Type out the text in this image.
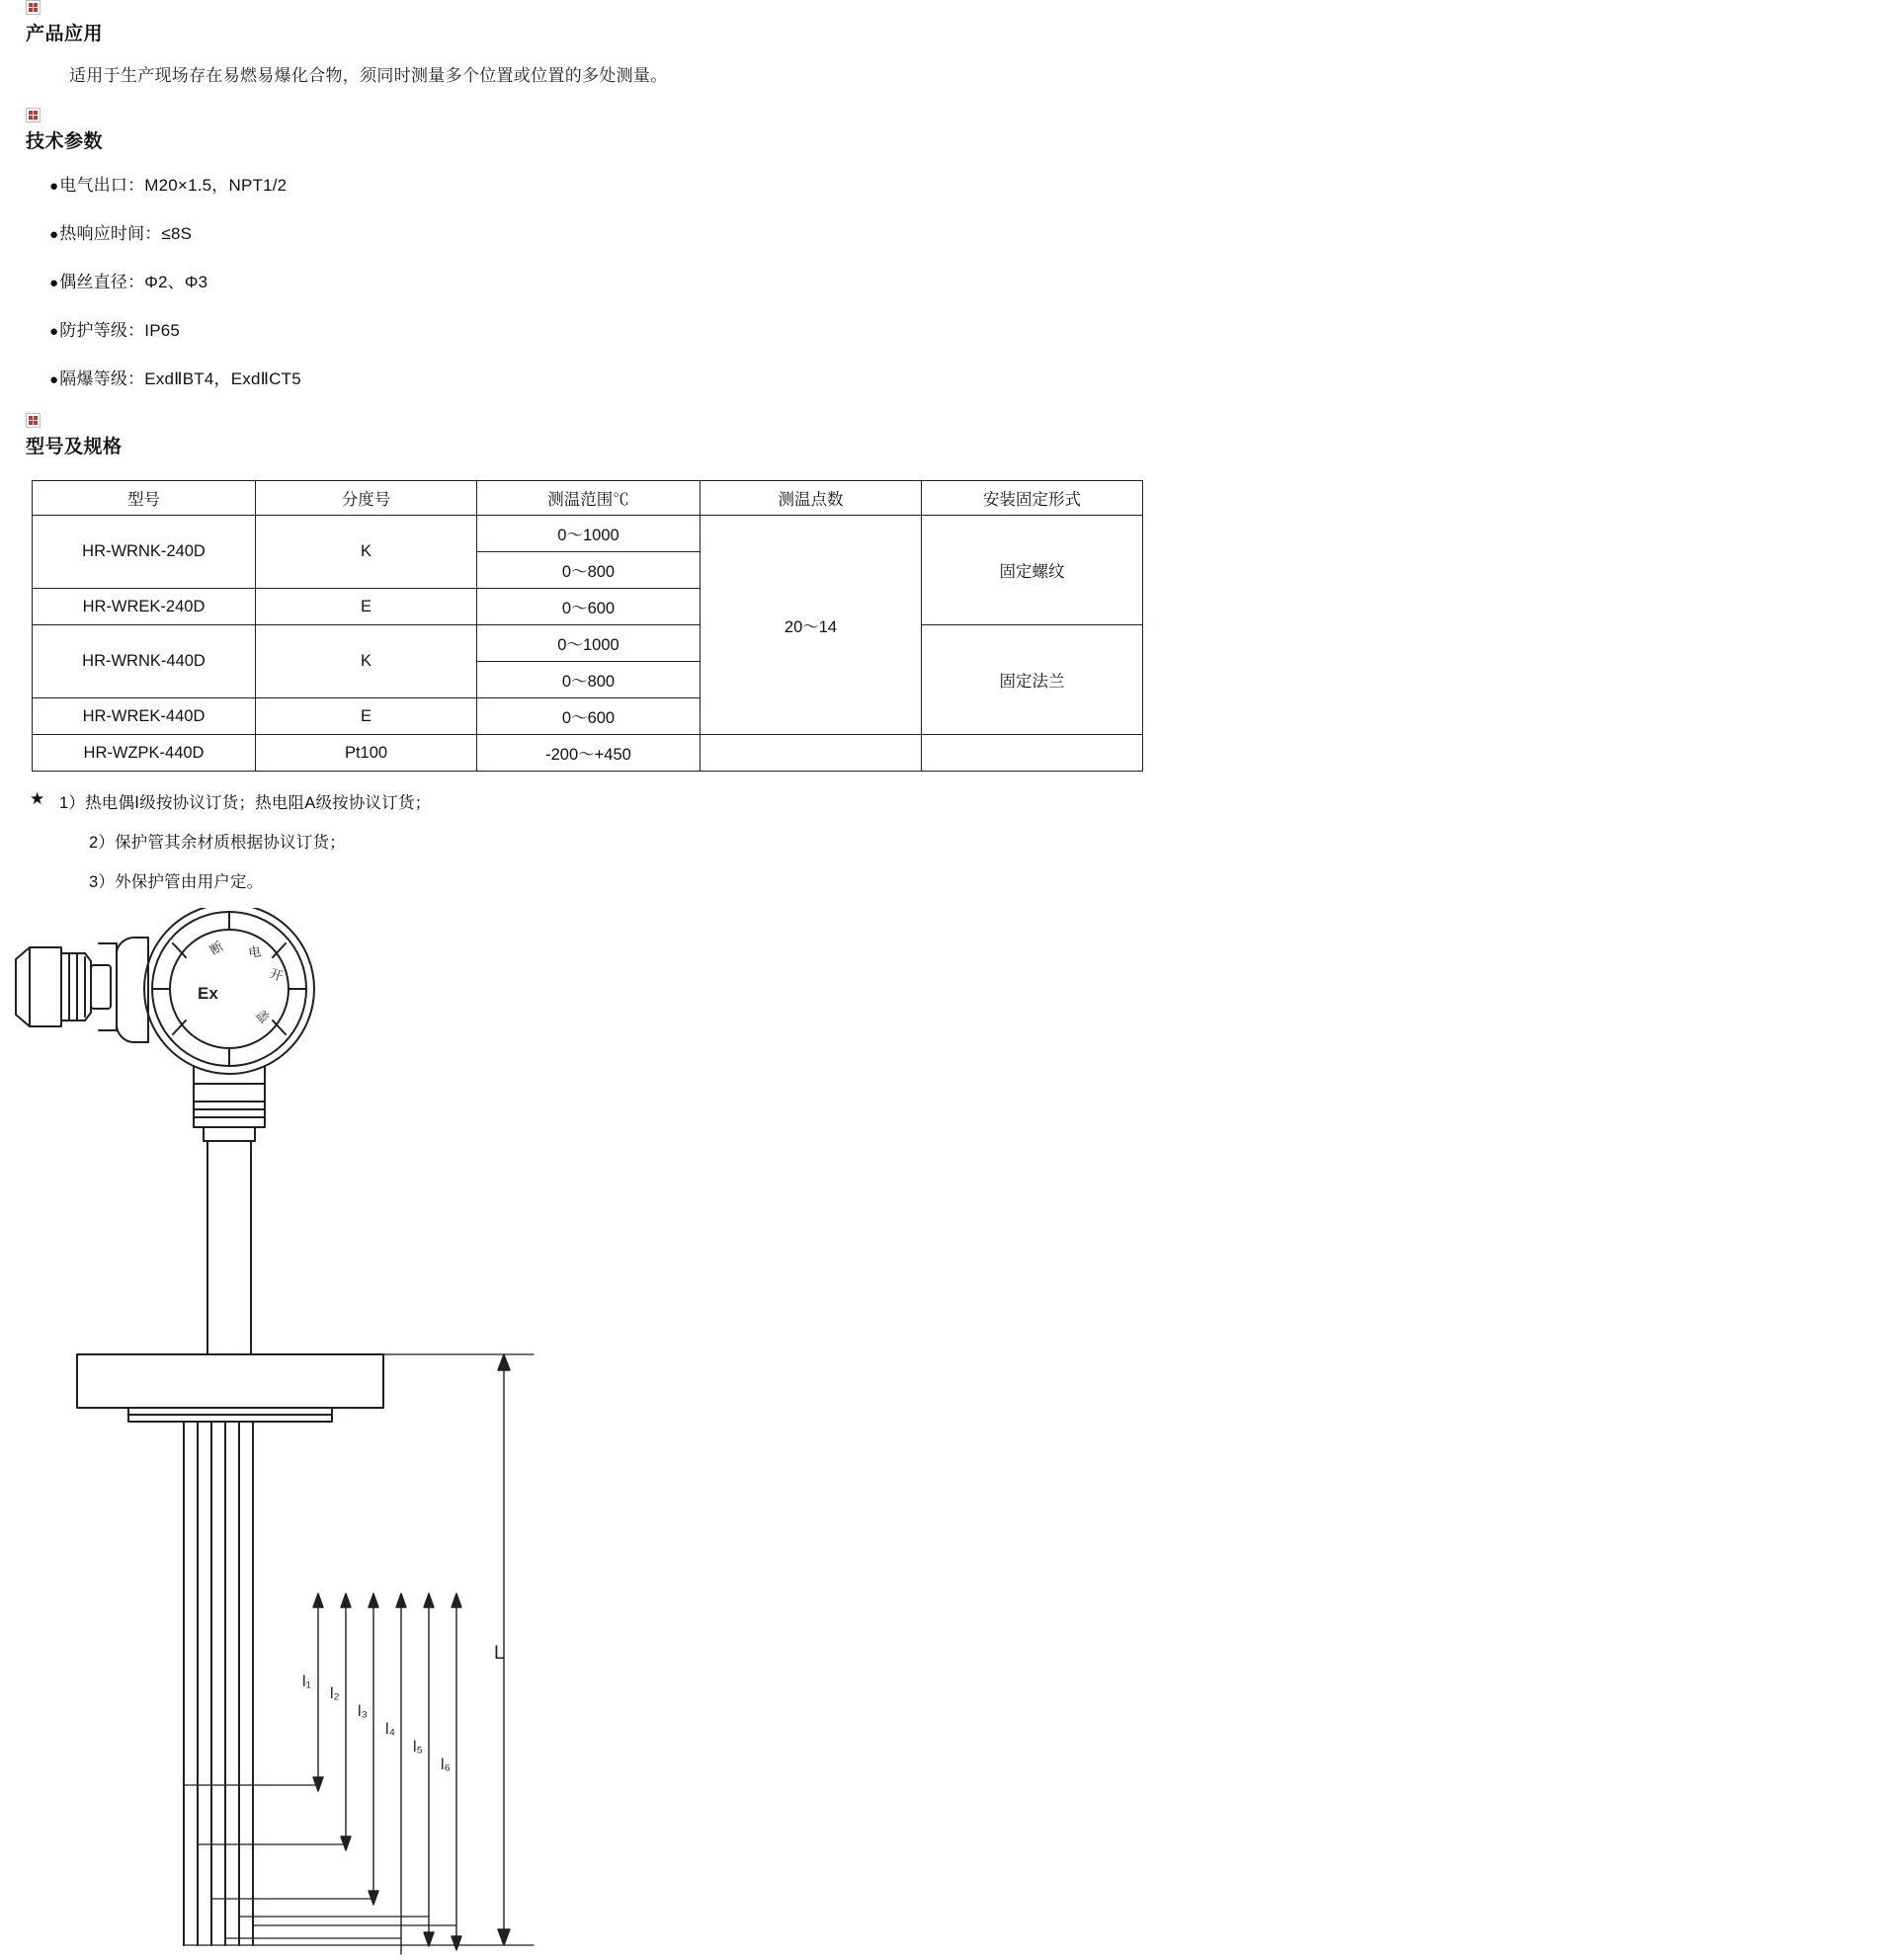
产品应用
适用于生产现场存在易燃易爆化合物，须同时测量多个位置或位置的多处测量。
技术参数
●电气出口：M20×1.5，NPT1/2
●热响应时间：≤8S
●偶丝直径：Φ2、Φ3
●防护等级：IP65
●隔爆等级：ExdⅡBT4，ExdⅡCT5
型号及规格
型号	分度号	测温范围℃	测温点数	安装固定形式
HR-WRNK-240D	K	0～1000	20～14	固定螺纹
		0～800		
HR-WREK-240D	E	0～600		
HR-WRNK-440D	K	0～1000		固定法兰
		0～800		
HR-WREK-440D	E	0～600		
HR-WZPK-440D	Pt100	-200～+450		
★ 1）热电偶Ⅰ级按协议订货；热电阻A级按协议订货；
2）保护管其余材质根据协议订货；
3）外保护管由用户定。
Ex
断 电
开
盖
L
l₁
l₂
l₃
l₄
l₅
l₆
